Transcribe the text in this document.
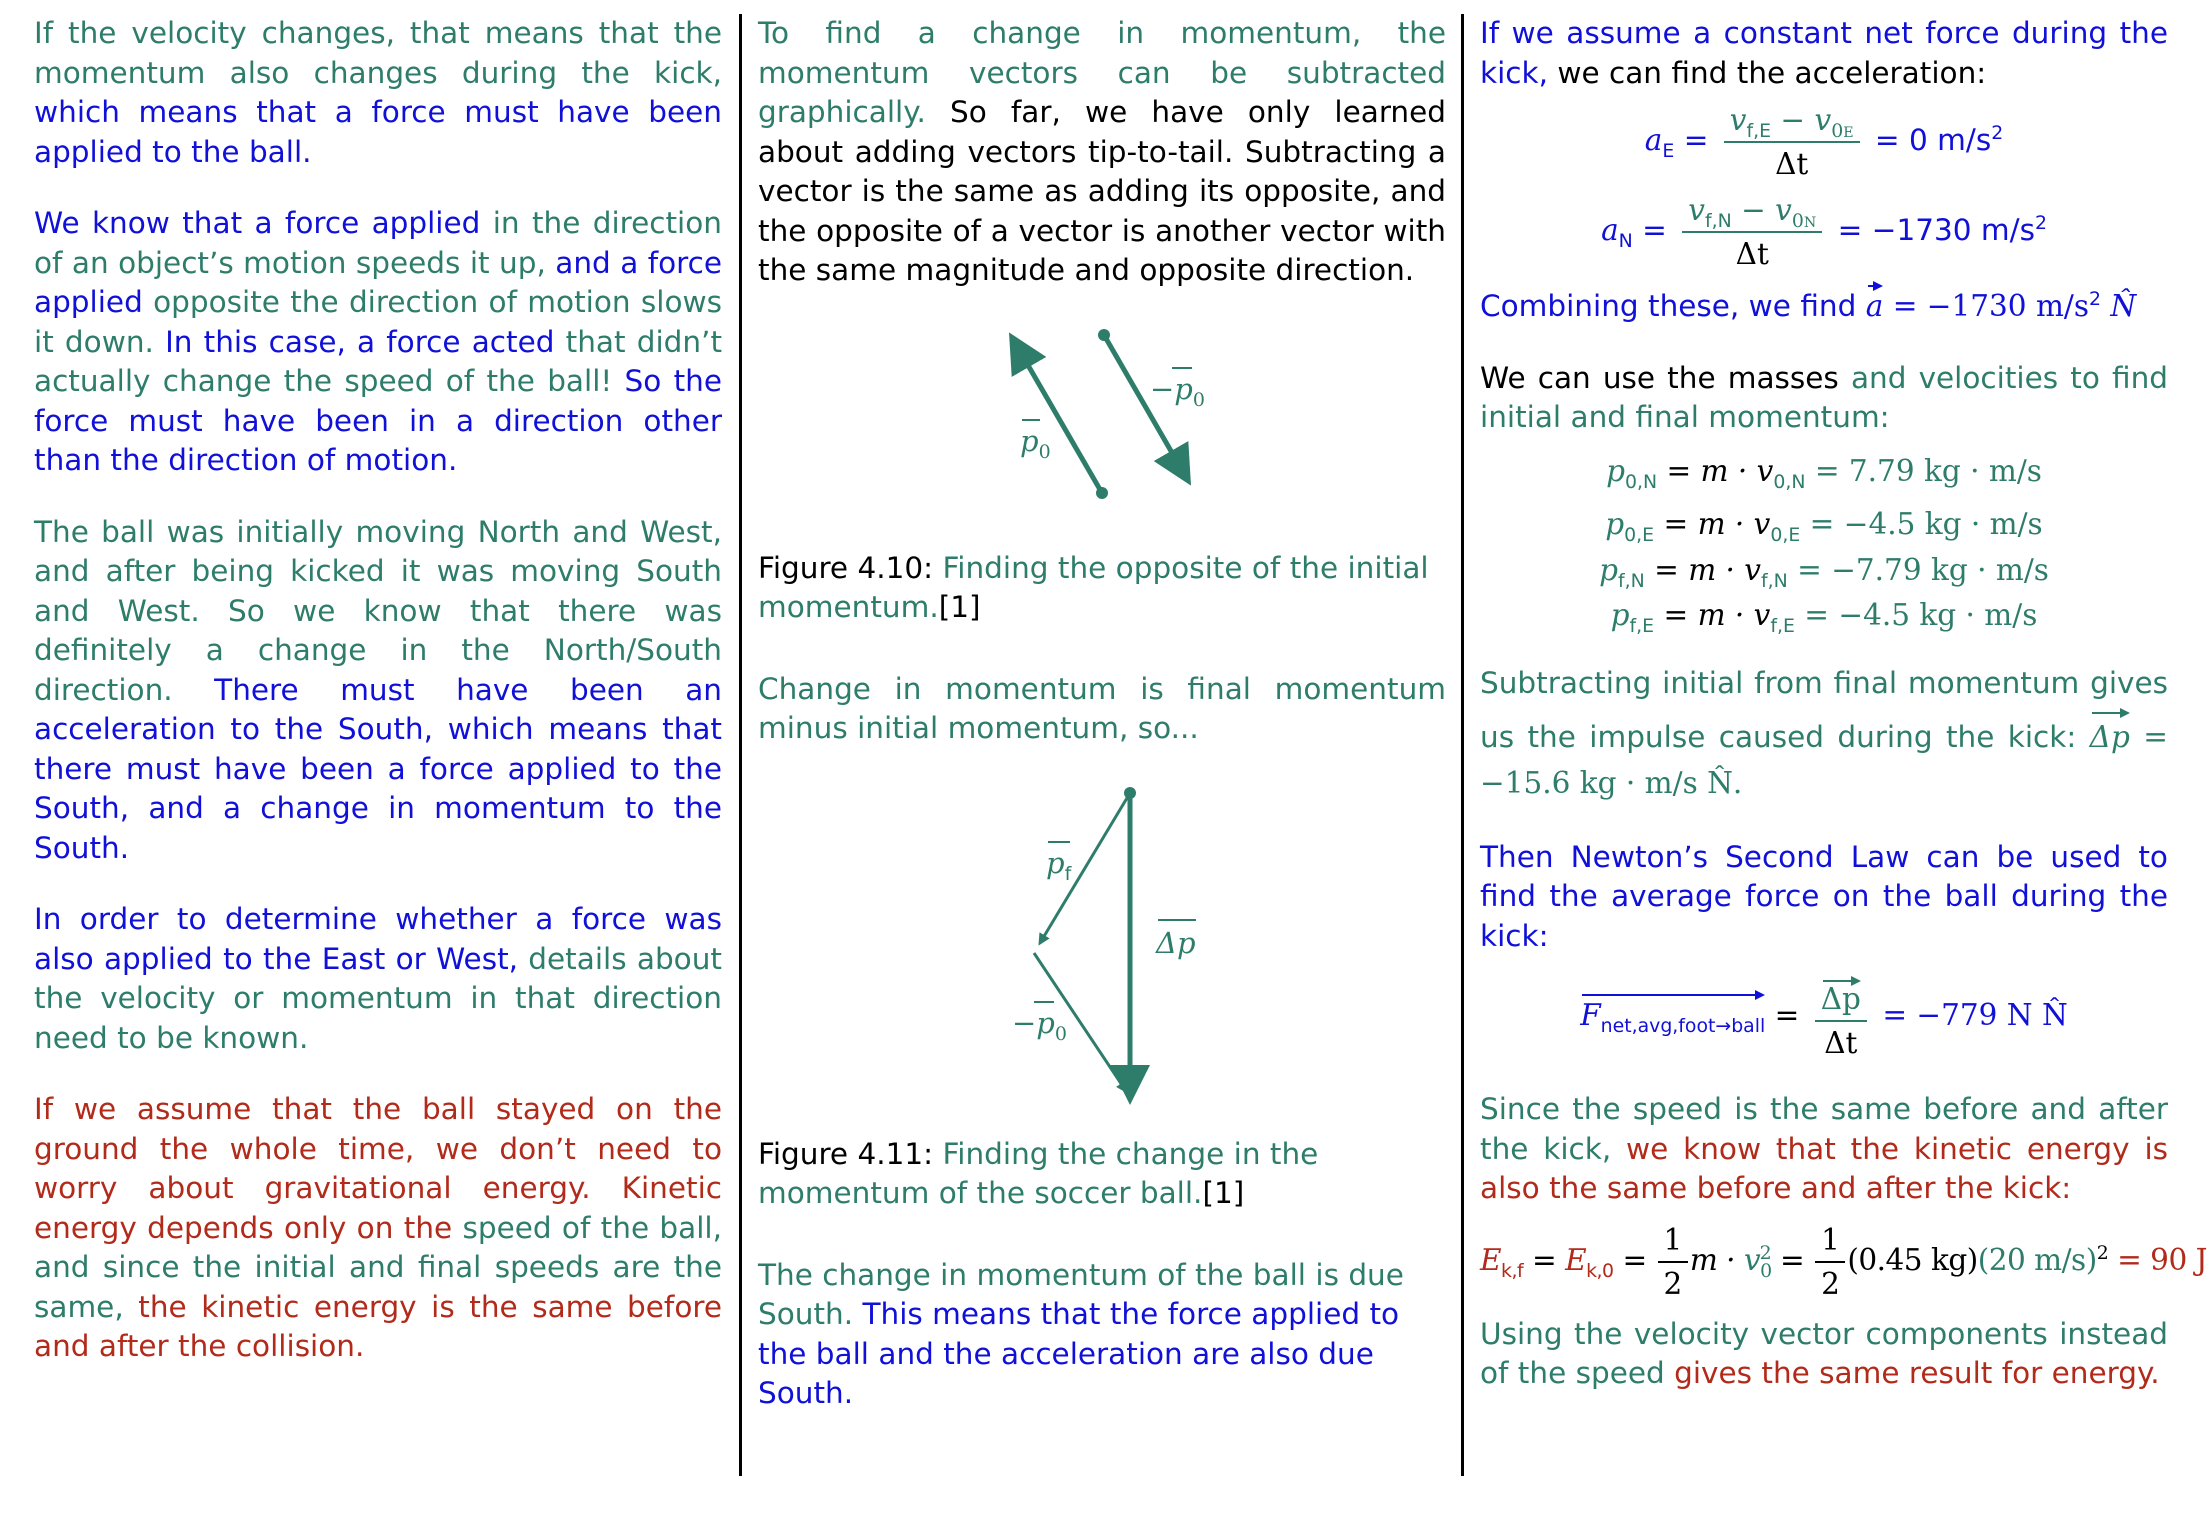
If the velocity changes, that means that the momentum also changes during the kick, which means that a force must have been applied to the ball.

We know that a force applied in the direction of an object’s motion speeds it up, and a force applied opposite the direction of motion slows it down. In this case, a force acted that didn’t actually change the speed of the ball! So the force must have been in a direction other than the direction of motion.

The ball was initially moving North and West, and after being kicked it was moving South and West. So we know that there was definitely a change in the North/South direction. There must have been an acceleration to the South, which means that there must have been a force applied to the South, and a change in momentum to the South.

In order to determine whether a force was also applied to the East or West, details about the velocity or momentum in that direction need to be known.

If we assume that the ball stayed on the ground the whole time, we don’t need to worry about gravitational energy. Kinetic energy depends only on the speed of the ball, and since the initial and final speeds are the same, the kinetic energy is the same before and after the collision.

To find a change in momentum, the momentum vectors can be subtracted graphically. So far, we have only learned about adding vectors tip-to-tail. Subtracting a vector is the same as adding its opposite, and the opposite of a vector is another vector with the same magnitude and opposite direction.

$p_0$
$-p_0$

Figure 4.10: Finding the opposite of the initial momentum.[1]

Change in momentum is final momentum minus initial momentum, so...

$p_f$
Δp
$-p_0$

Figure 4.11: Finding the change in the momentum of the soccer ball.[1]

The change in momentum of the ball is due South. This means that the force applied to the ball and the acceleration are also due South.

If we assume a constant net force during the kick, we can find the acceleration:

$a_E = \frac{v_{f,E} - v_{0E}}{\Delta t} = 0$ $m/s^2$
$a_N = \frac{v_{f,N} - v_{0N}}{\Delta t} = -1730$ $m/s^2$

Combining these, we find a = −1730 $m/s^2$ N̂

We can use the masses and velocities to find initial and final momentum:

$p_{0,N} = m \cdot v_{0,N} = 7.79$ kg · m/s
$p_{0,E} = m \cdot v_{0,E} = -4.5$ kg · m/s
$p_{f,N} = m \cdot v_{f,N} = -7.79$ kg · m/s
$p_{f,E} = m \cdot v_{f,E} = -4.5$ kg · m/s

Subtracting initial from final momentum gives us the impulse caused during the kick: Δp = −15.6 kg · m/s N̂.

Then Newton’s Second Law can be used to find the average force on the ball during the kick:

$F_{net,avg,foot\to ball} = \frac{\Delta p}{\Delta t} = -779$ N N̂

Since the speed is the same before and after the kick, we know that the kinetic energy is also the same before and after the kick:

$E_{k,f} = E_{k,0} = \frac{1}{2}$ $m \cdot v_0^2 = \frac{1}{2} (0.45$ kg)(20 m/s)$^2$ = 90 J

Using the velocity vector components instead of the speed gives the same result for energy.
